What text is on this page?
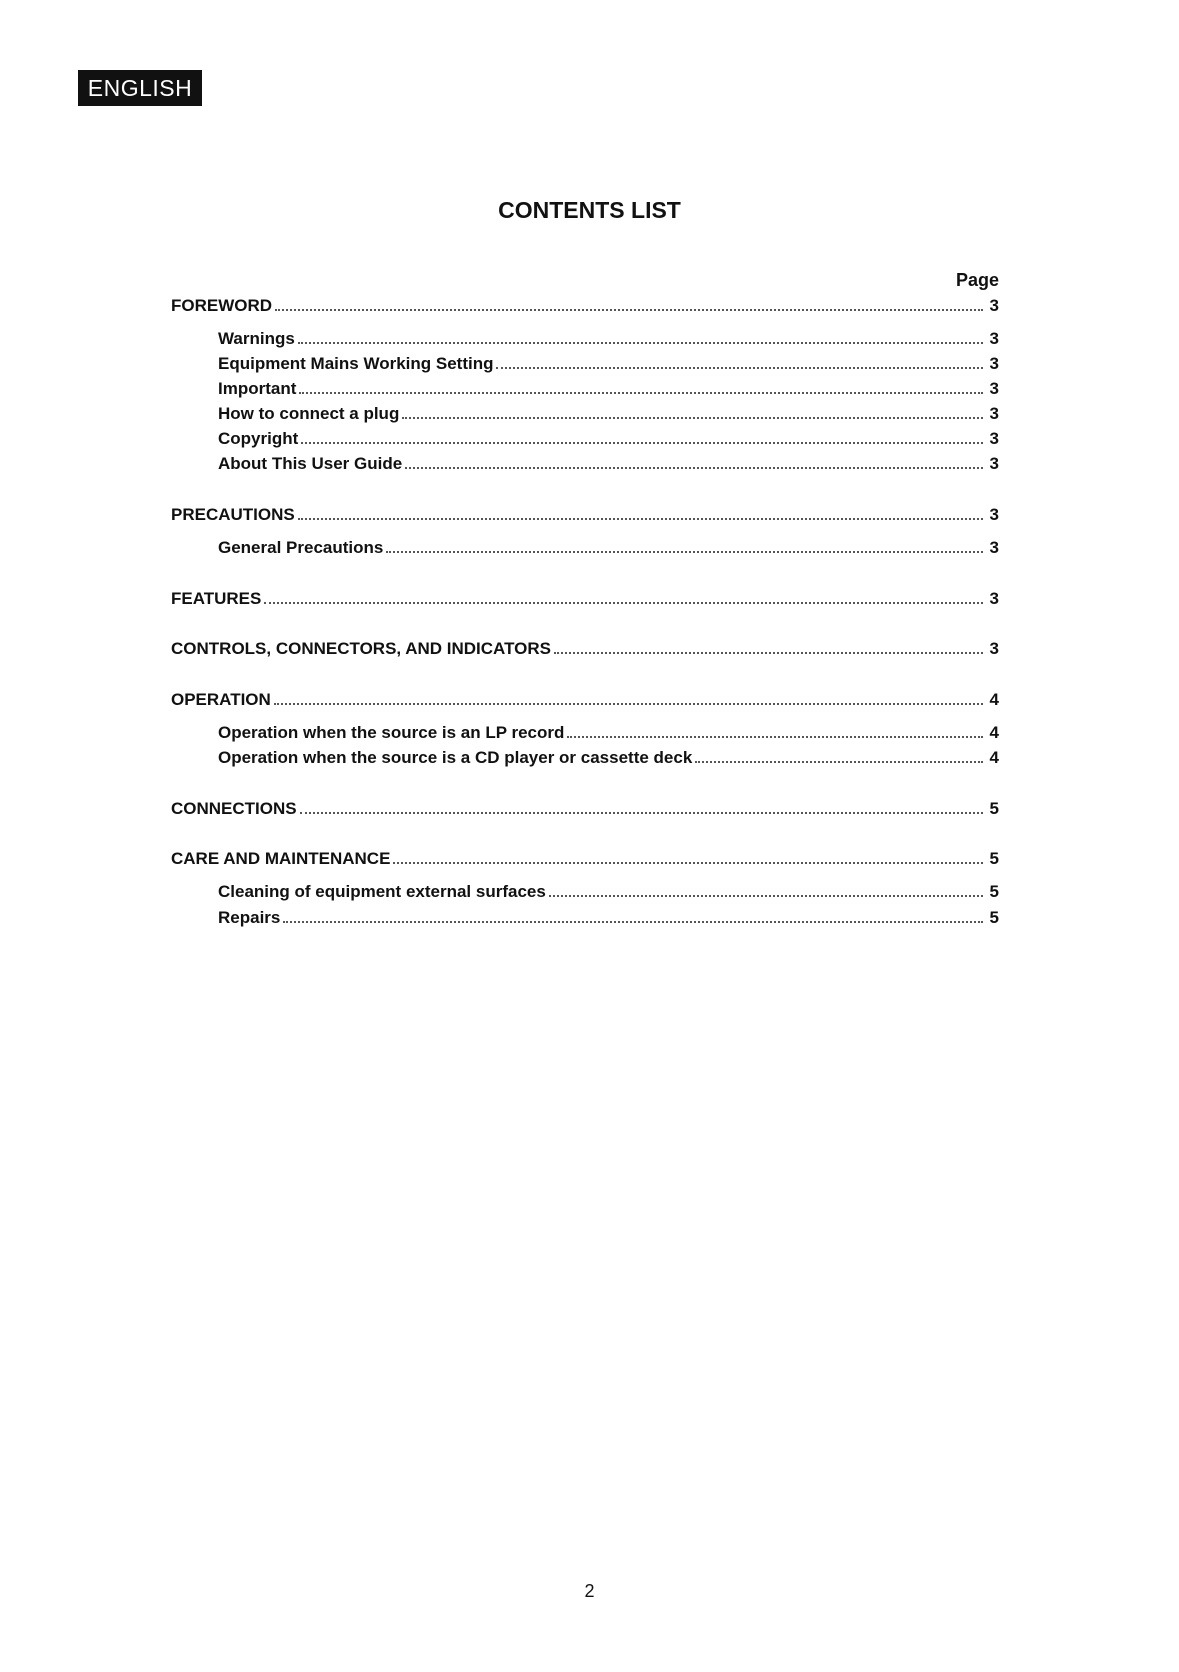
ENGLISH
CONTENTS LIST
Page
FOREWORD	3
Warnings	3
Equipment Mains Working Setting	3
Important	3
How to connect a plug	3
Copyright	3
About This User Guide	3
PRECAUTIONS	3
General Precautions	3
FEATURES	3
CONTROLS, CONNECTORS, AND INDICATORS	3
OPERATION	4
Operation when the source is an LP record	4
Operation when the source is a CD player or cassette deck	4
CONNECTIONS	5
CARE AND MAINTENANCE	5
Cleaning of equipment external surfaces	5
Repairs	5
2
